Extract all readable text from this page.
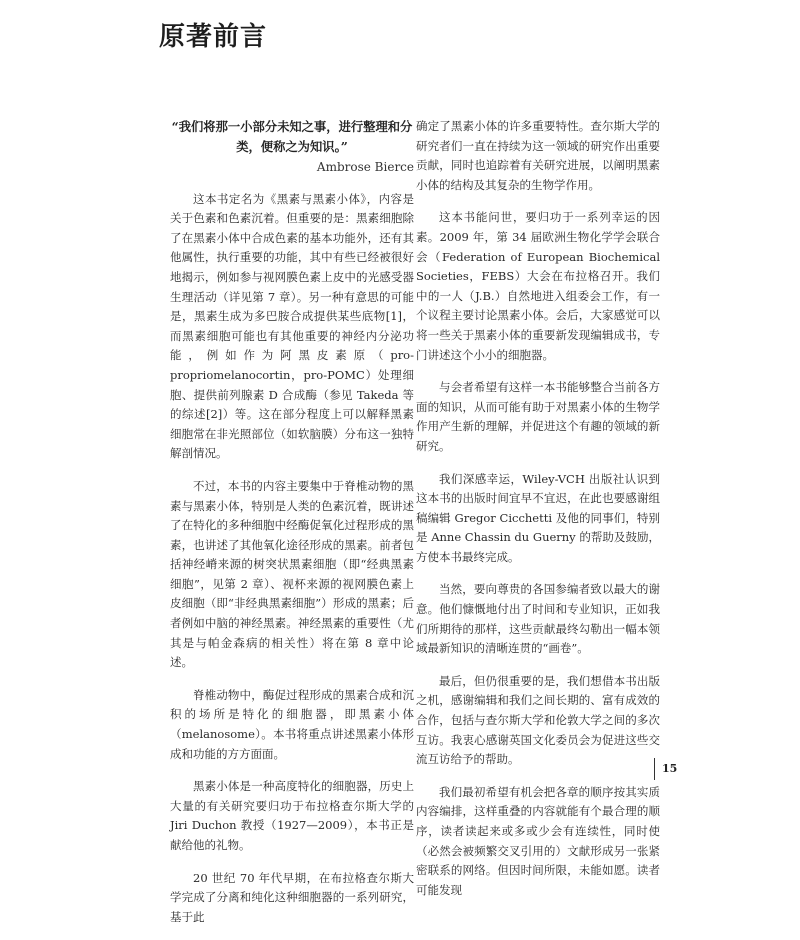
原著前言
“我们将那一小部分未知之事，进行整理和分类，便称之为知识。”
Ambrose Bierce

这本书定名为《黑素与黑素小体》，内容是关于色素和色素沉着。但重要的是：黑素细胞除了在黑素小体中合成色素的基本功能外，还有其他属性，执行重要的功能，其中有些已经被很好地揭示，例如参与视网膜色素上皮中的光感受器生理活动（详见第 7 章）。另一种有意思的可能是，黑素生成为多巴胺合成提供某些底物[1]，而黑素细胞可能也有其他重要的神经内分泌功能，例如作为阿黑皮素原（pro-propriomelanocortin，pro-POMC）处理细胞、提供前列腺素 D 合成酶（参见 Takeda 等的综述[2]）等。这在部分程度上可以解释黑素细胞常在非光照部位（如软脑膜）分布这一独特解剖情况。

不过，本书的内容主要集中于脊椎动物的黑素与黑素小体，特别是人类的色素沉着，既讲述了在特化的多种细胞中经酶促氧化过程形成的黑素，也讲述了其他氧化途径形成的黑素。前者包括神经嵴来源的树突状黑素细胞（即“经典黑素细胞”，见第 2 章）、视杯来源的视网膜色素上皮细胞（即“非经典黑素细胞”）形成的黑素；后者例如中脑的神经黑素。神经黑素的重要性（尤其是与帕金森病的相关性）将在第 8 章中论述。

脊椎动物中，酶促过程形成的黑素合成和沉积的场所是特化的细胞器，即黑素小体（melanosome）。本书将重点讲述黑素小体形成和功能的方方面面。

黑素小体是一种高度特化的细胞器，历史上大量的有关研究要归功于布拉格查尔斯大学的 Jiri Duchon 教授（1927—2009），本书正是献给他的礼物。

20 世纪 70 年代早期，在布拉格查尔斯大学完成了分离和纯化这种细胞器的一系列研究，基于此

确定了黑素小体的许多重要特性。查尔斯大学的研究者们一直在持续为这一领域的研究作出重要贡献，同时也追踪着有关研究进展，以阐明黑素小体的结构及其复杂的生物学作用。

这本书能问世，要归功于一系列幸运的因素。2009 年，第 34 届欧洲生物化学学会联合会（Federation of European Biochemical Societies，FEBS）大会在布拉格召开。我们中的一人（J.B.）自然地进入组委会工作，有一个议程主要讨论黑素小体。会后，大家感觉可以将一些关于黑素小体的重要新发现编辑成书，专门讲述这个小小的细胞器。

与会者希望有这样一本书能够整合当前各方面的知识，从而可能有助于对黑素小体的生物学作用产生新的理解，并促进这个有趣的领域的新研究。

我们深感幸运，Wiley-VCH 出版社认识到这本书的出版时间宜早不宜迟，在此也要感谢组稿编辑 Gregor Cicchetti 及他的同事们，特别是 Anne Chassin du Guerny 的帮助及鼓励，方使本书最终完成。

当然，要向尊贵的各国参编者致以最大的谢意。他们慷慨地付出了时间和专业知识，正如我们所期待的那样，这些贡献最终勾勒出一幅本领域最新知识的清晰连贯的“画卷”。

最后，但仍很重要的是，我们想借本书出版之机，感谢编辑和我们之间长期的、富有成效的合作，包括与查尔斯大学和伦敦大学之间的多次互访。我衷心感谢英国文化委员会为促进这些交流互访给予的帮助。

我们最初希望有机会把各章的顺序按其实质内容编排，这样重叠的内容就能有个最合理的顺序，读者读起来或多或少会有连续性，同时使（必然会被频繁交叉引用的）文献形成另一张紧密联系的网络。但因时间所限，未能如愿。读者可能发现

15
